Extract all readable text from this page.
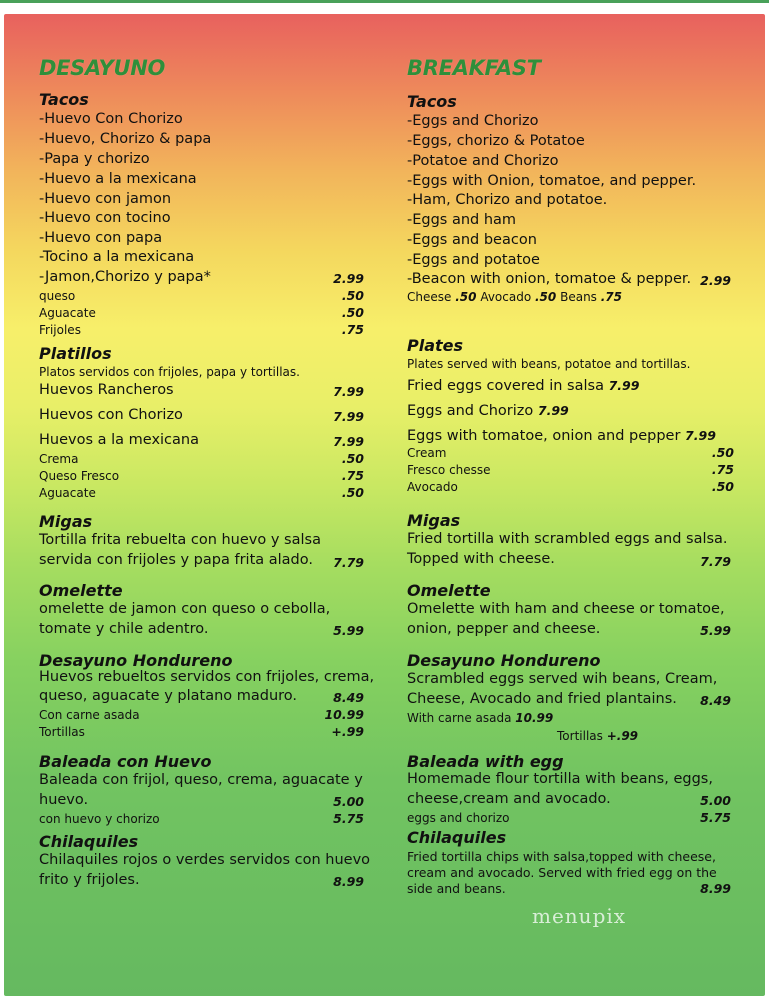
DESAYUNO
Tacos
-Huevo Con Chorizo
-Huevo, Chorizo & papa
-Papa y chorizo
-Huevo a la mexicana
-Huevo con jamon
-Huevo con tocino
-Huevo con papa
-Tocino a la mexicana
-Jamon,Chorizo y papa*	2.99
queso	.50
Aguacate	.50
Frijoles	.75
Platillos
Platos servidos con frijoles, papa y tortillas.
Huevos Rancheros	7.99
Huevos con Chorizo	7.99
Huevos a la mexicana	7.99
Crema	.50
Queso Fresco	.75
Aguacate	.50
Migas
Tortilla frita rebuelta con huevo y salsa
servida con frijoles y papa frita alado.	7.79
Omelette
omelette de jamon con queso o cebolla,
tomate y chile adentro.	5.99
Desayuno Hondureno
Huevos rebueltos servidos con frijoles, crema,
queso, aguacate y platano maduro.	8.49
Con carne asada	10.99
Tortillas	+.99
Baleada con Huevo
Baleada con frijol, queso, crema, aguacate y
huevo.	5.00
con huevo y chorizo	5.75
Chilaquiles
Chilaquiles rojos o verdes servidos con huevo
frito y frijoles.	8.99
BREAKFAST
Tacos
-Eggs and Chorizo
-Eggs, chorizo & Potatoe
-Potatoe and Chorizo
-Eggs with Onion, tomatoe, and pepper.
-Ham, Chorizo and potatoe.
-Eggs and ham
-Eggs and beacon
-Eggs and potatoe
-Beacon with onion, tomatoe & pepper. 2.99
Cheese .50 Avocado .50 Beans .75
Plates
Plates served with beans, potatoe and tortillas.
Fried eggs covered in salsa 7.99
Eggs and Chorizo 7.99
Eggs with tomatoe, onion and pepper 7.99
Cream	.50
Fresco chesse	.75
Avocado	.50
Migas
Fried tortilla with scrambled eggs and salsa.
Topped with cheese.	7.79
Omelette
Omelette with ham and cheese or tomatoe,
onion, pepper and cheese.	5.99
Desayuno Hondureno
Scrambled eggs served wih beans, Cream,
Cheese, Avocado and fried plantains.	8.49
With carne asada 10.99
Tortillas +.99
Baleada with egg
Homemade flour tortilla with beans, eggs,
cheese,cream and avocado.	5.00
eggs and chorizo	5.75
Chilaquiles
Fried tortilla chips with salsa,topped with cheese,
cream and avocado. Served with fried egg on the
side and beans.	8.99
menupix
